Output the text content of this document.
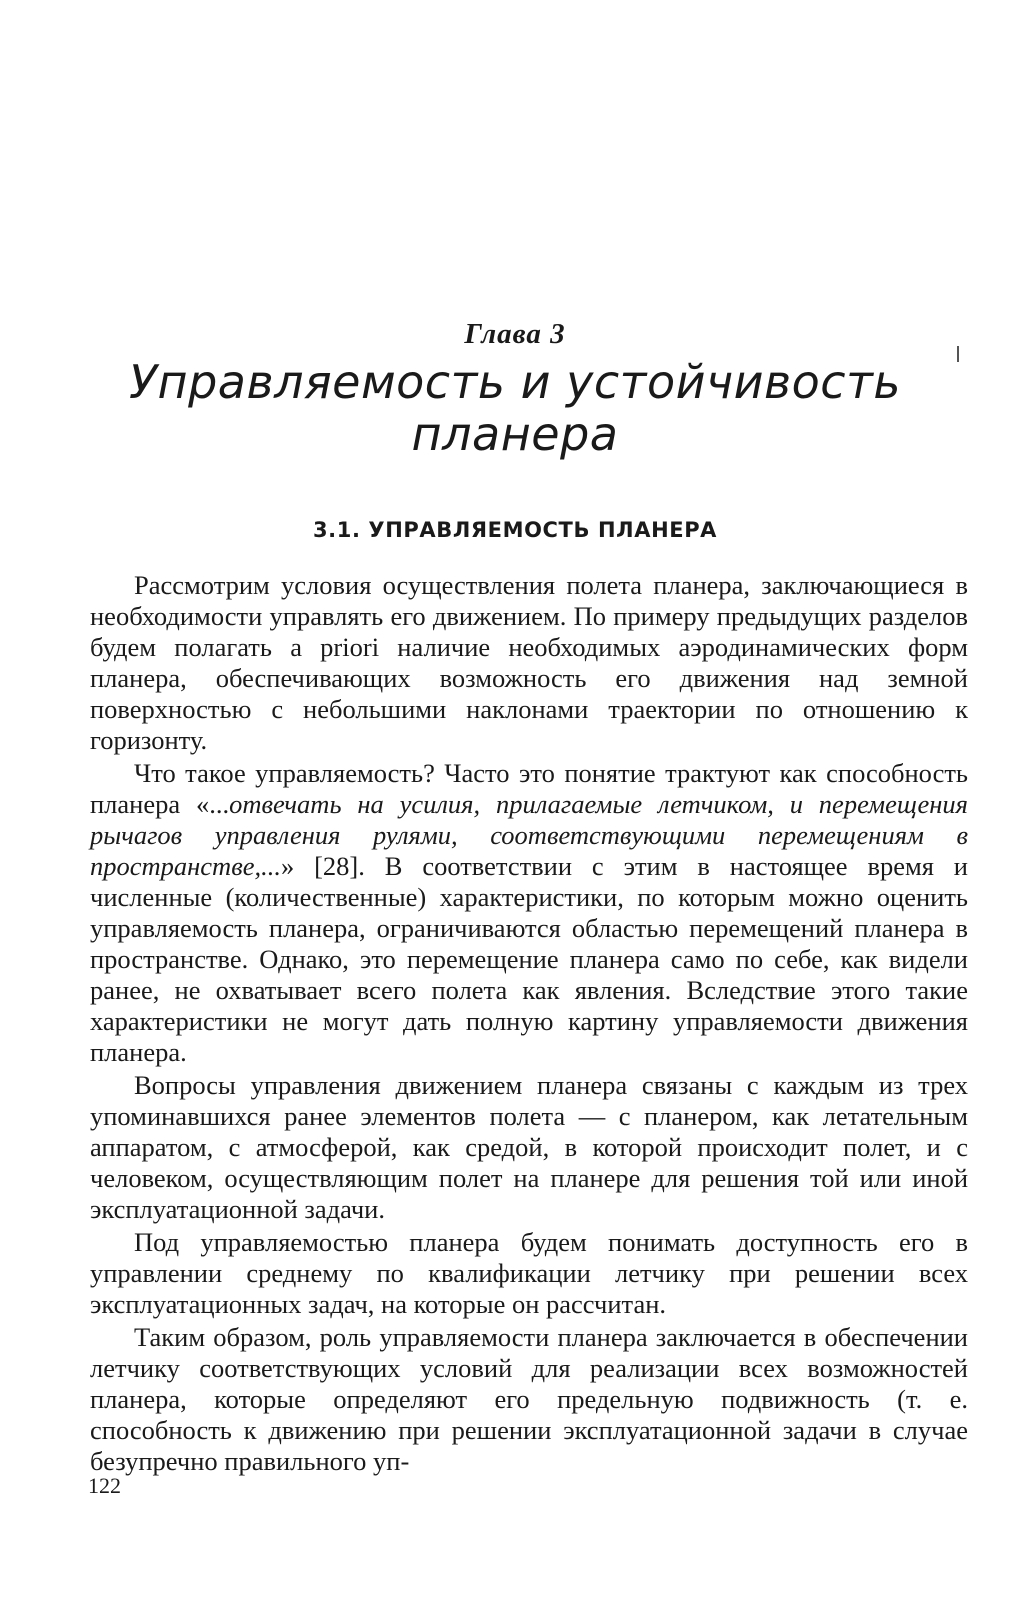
Глава 3
Управляемость и устойчивость
планера
3.1. УПРАВЛЯЕМОСТЬ ПЛАНЕРА

Рассмотрим условия осуществления полета планера, заключающиеся в необходимости управлять его движением. По примеру предыдущих разделов будем полагать а priori наличие необходимых аэродинамических форм планера, обеспечивающих возможность его движения над земной поверхностью с небольшими наклонами траектории по отношению к горизонту.

Что такое управляемость? Часто это понятие трактуют как способность планера «...отвечать на усилия, прилагаемые летчиком, и перемещения рычагов управления рулями, соответствующими перемещениям в пространстве,...» [28]. В соответствии с этим в настоящее время и численные (количественные) характеристики, по которым можно оценить управляемость планера, ограничиваются областью перемещений планера в пространстве. Однако, это перемещение планера само по себе, как видели ранее, не охватывает всего полета как явления. Вследствие этого такие характеристики не могут дать полную картину управляемости движения планера.

Вопросы управления движением планера связаны с каждым из трех упоминавшихся ранее элементов полета — с планером, как летательным аппаратом, с атмосферой, как средой, в которой происходит полет, и с человеком, осуществляющим полет на планере для решения той или иной эксплуатационной задачи.

Под управляемостью планера будем понимать доступность его в управлении среднему по квалификации летчику при решении всех эксплуатационных задач, на которые он рассчитан.

Таким образом, роль управляемости планера заключается в обеспечении летчику соответствующих условий для реализации всех возможностей планера, которые определяют его предельную подвижность (т. е. способность к движению при решении эксплуатационной задачи в случае безупречно правильного уп-

122
